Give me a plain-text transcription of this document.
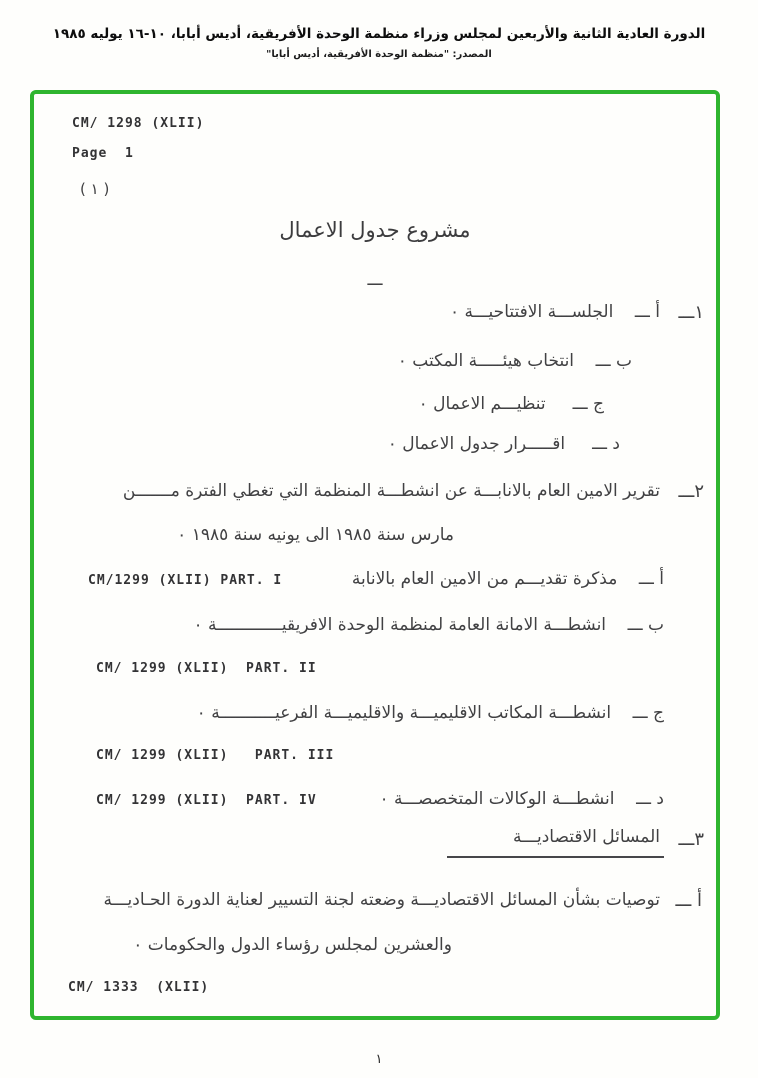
الدورة العادية الثانية والأربعين لمجلس وزراء منظمة الوحدة الأفريقية، أديس أبابا، ١٠-١٦ يوليه ١٩٨٥
المصدر: "منظمة الوحدة الأفريقية، أديس أبابا"
CM/ 1298 (XLII)
Page  1
( ١ )
مشروع جدول الاعمال
ـــ
١ـــ
أ ـــ    الجلســـة الافتتاحيـــة ٠
ب ـــ    انتخاب هيئـــــة المكتب ٠
ج ـــ     تنظيـــم الاعمال ٠
د ـــ     اقـــــرار جدول الاعمال ٠
٢ـــ
تقرير الامين العام بالانابـــة عن انشطـــة المنظمة التي تغطي الفترة مـــــــن
مارس سنة ١٩٨٥ الى يونيه سنة ١٩٨٥ ٠
أ ـــ    مذكرة تقديـــم من الامين العام بالانابة
CM/1299 (XLII) PART. I
ب ـــ    انشطـــة الامانة العامة لمنظمة الوحدة الافريقيـــــــــــــة ٠
CM/ 1299 (XLII)  PART. II
ج ـــ    انشطـــة المكاتب الاقليميـــة والاقليميـــة الفرعيـــــــــــة ٠
CM/ 1299 (XLII)   PART. III
د ـــ    انشطـــة الوكالات المتخصصـــة ٠
CM/ 1299 (XLII)  PART. IV
٣ـــ
المسائل الاقتصاديـــة
أ ـــ
توصيات بشأن المسائل الاقتصاديـــة وضعته لجنة التسيير لعناية الدورة الحـاديـــة
والعشرين لمجلس رؤساء الدول والحكومات ٠
CM/ 1333  (XLII)
١
